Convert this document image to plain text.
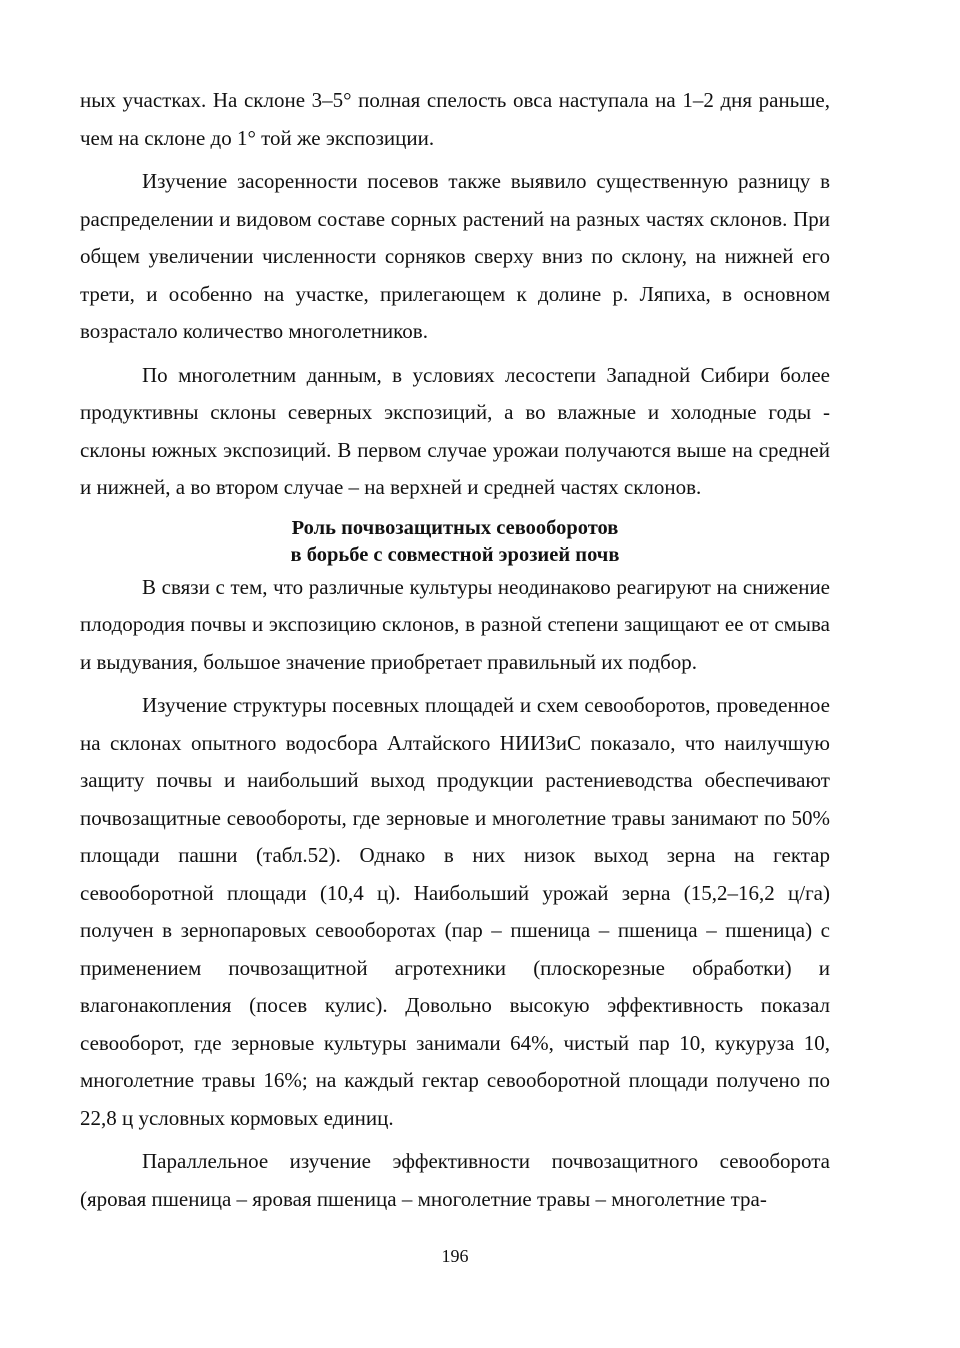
ных участках. На склоне 3–5° полная спелость овса наступала на 1–2 дня раньше, чем на склоне до 1° той же экспозиции.

Изучение засоренности посевов также выявило существенную разницу в распределении и видовом составе сорных растений на разных частях склонов. При общем увеличении численности сорняков сверху вниз по склону, на нижней его трети, и особенно на участке, прилегающем к долине р. Ляпиха, в основном возрастало количество многолетников.

По многолетним данным, в условиях лесостепи Западной Сибири более продуктивны склоны северных экспозиций, а во влажные и холодные годы - склоны южных экспозиций. В первом случае урожаи получаются выше на средней и нижней, а во втором случае – на верхней и средней частях склонов.

Роль почвозащитных севооборотов
в борьбе с совместной эрозией почв

В связи с тем, что различные культуры неодинаково реагируют на снижение плодородия почвы и экспозицию склонов, в разной степени защищают ее от смыва и выдувания, большое значение приобретает правильный их подбор.

Изучение структуры посевных площадей и схем севооборотов, проведенное на склонах опытного водосбора Алтайского НИИЗиС показало, что наилучшую защиту почвы и наибольший выход продукции растениеводства обеспечивают почвозащитные севообороты, где зерновые и многолетние травы занимают по 50% площади пашни (табл.52). Однако в них низок выход зерна на гектар севооборотной площади (10,4 ц). Наибольший урожай зерна (15,2–16,2 ц/га) получен в зернопаровых севооборотах (пар – пшеница – пшеница – пшеница) с применением почвозащитной агротехники (плоскорезные обработки) и влагонакопления (посев кулис). Довольно высокую эффективность показал севооборот, где зерновые культуры занимали 64%, чистый пар 10, кукуруза 10, многолетние травы 16%; на каждый гектар севооборотной площади получено по 22,8 ц условных кормовых единиц.

Параллельное изучение эффективности почвозащитного севооборота (яровая пшеница – яровая пшеница – многолетние травы – многолетние тра-

196
